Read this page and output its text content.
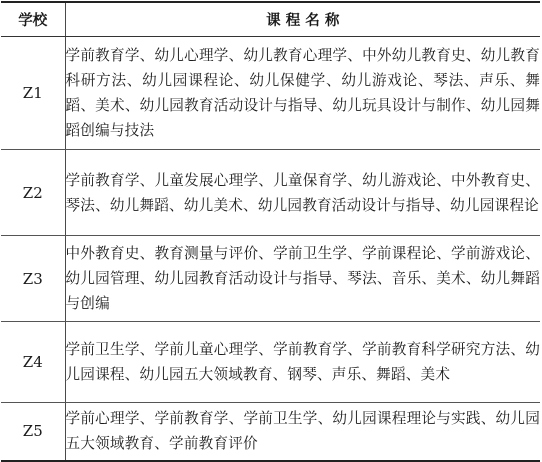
学校	课 程 名 称
Z1	学前教育学、幼儿心理学、幼儿教育心理学、中外幼儿教育史、幼儿教育科研方法、幼儿园课程论、幼儿保健学、幼儿游戏论、琴法、声乐、舞蹈、美术、幼儿园教育活动设计与指导、幼儿玩具设计与制作、幼儿园舞蹈创编与技法
Z2	学前教育学、儿童发展心理学、儿童保育学、幼儿游戏论、中外教育史、琴法、幼儿舞蹈、幼儿美术、幼儿园教育活动设计与指导、幼儿园课程论
Z3	中外教育史、教育测量与评价、学前卫生学、学前课程论、学前游戏论、幼儿园管理、幼儿园教育活动设计与指导、琴法、音乐、美术、幼儿舞蹈与创编
Z4	学前卫生学、学前儿童心理学、学前教育学、学前教育科学研究方法、幼儿园课程、幼儿园五大领域教育、钢琴、声乐、舞蹈、美术
Z5	学前心理学、学前教育学、学前卫生学、幼儿园课程理论与实践、幼儿园五大领域教育、学前教育评价
